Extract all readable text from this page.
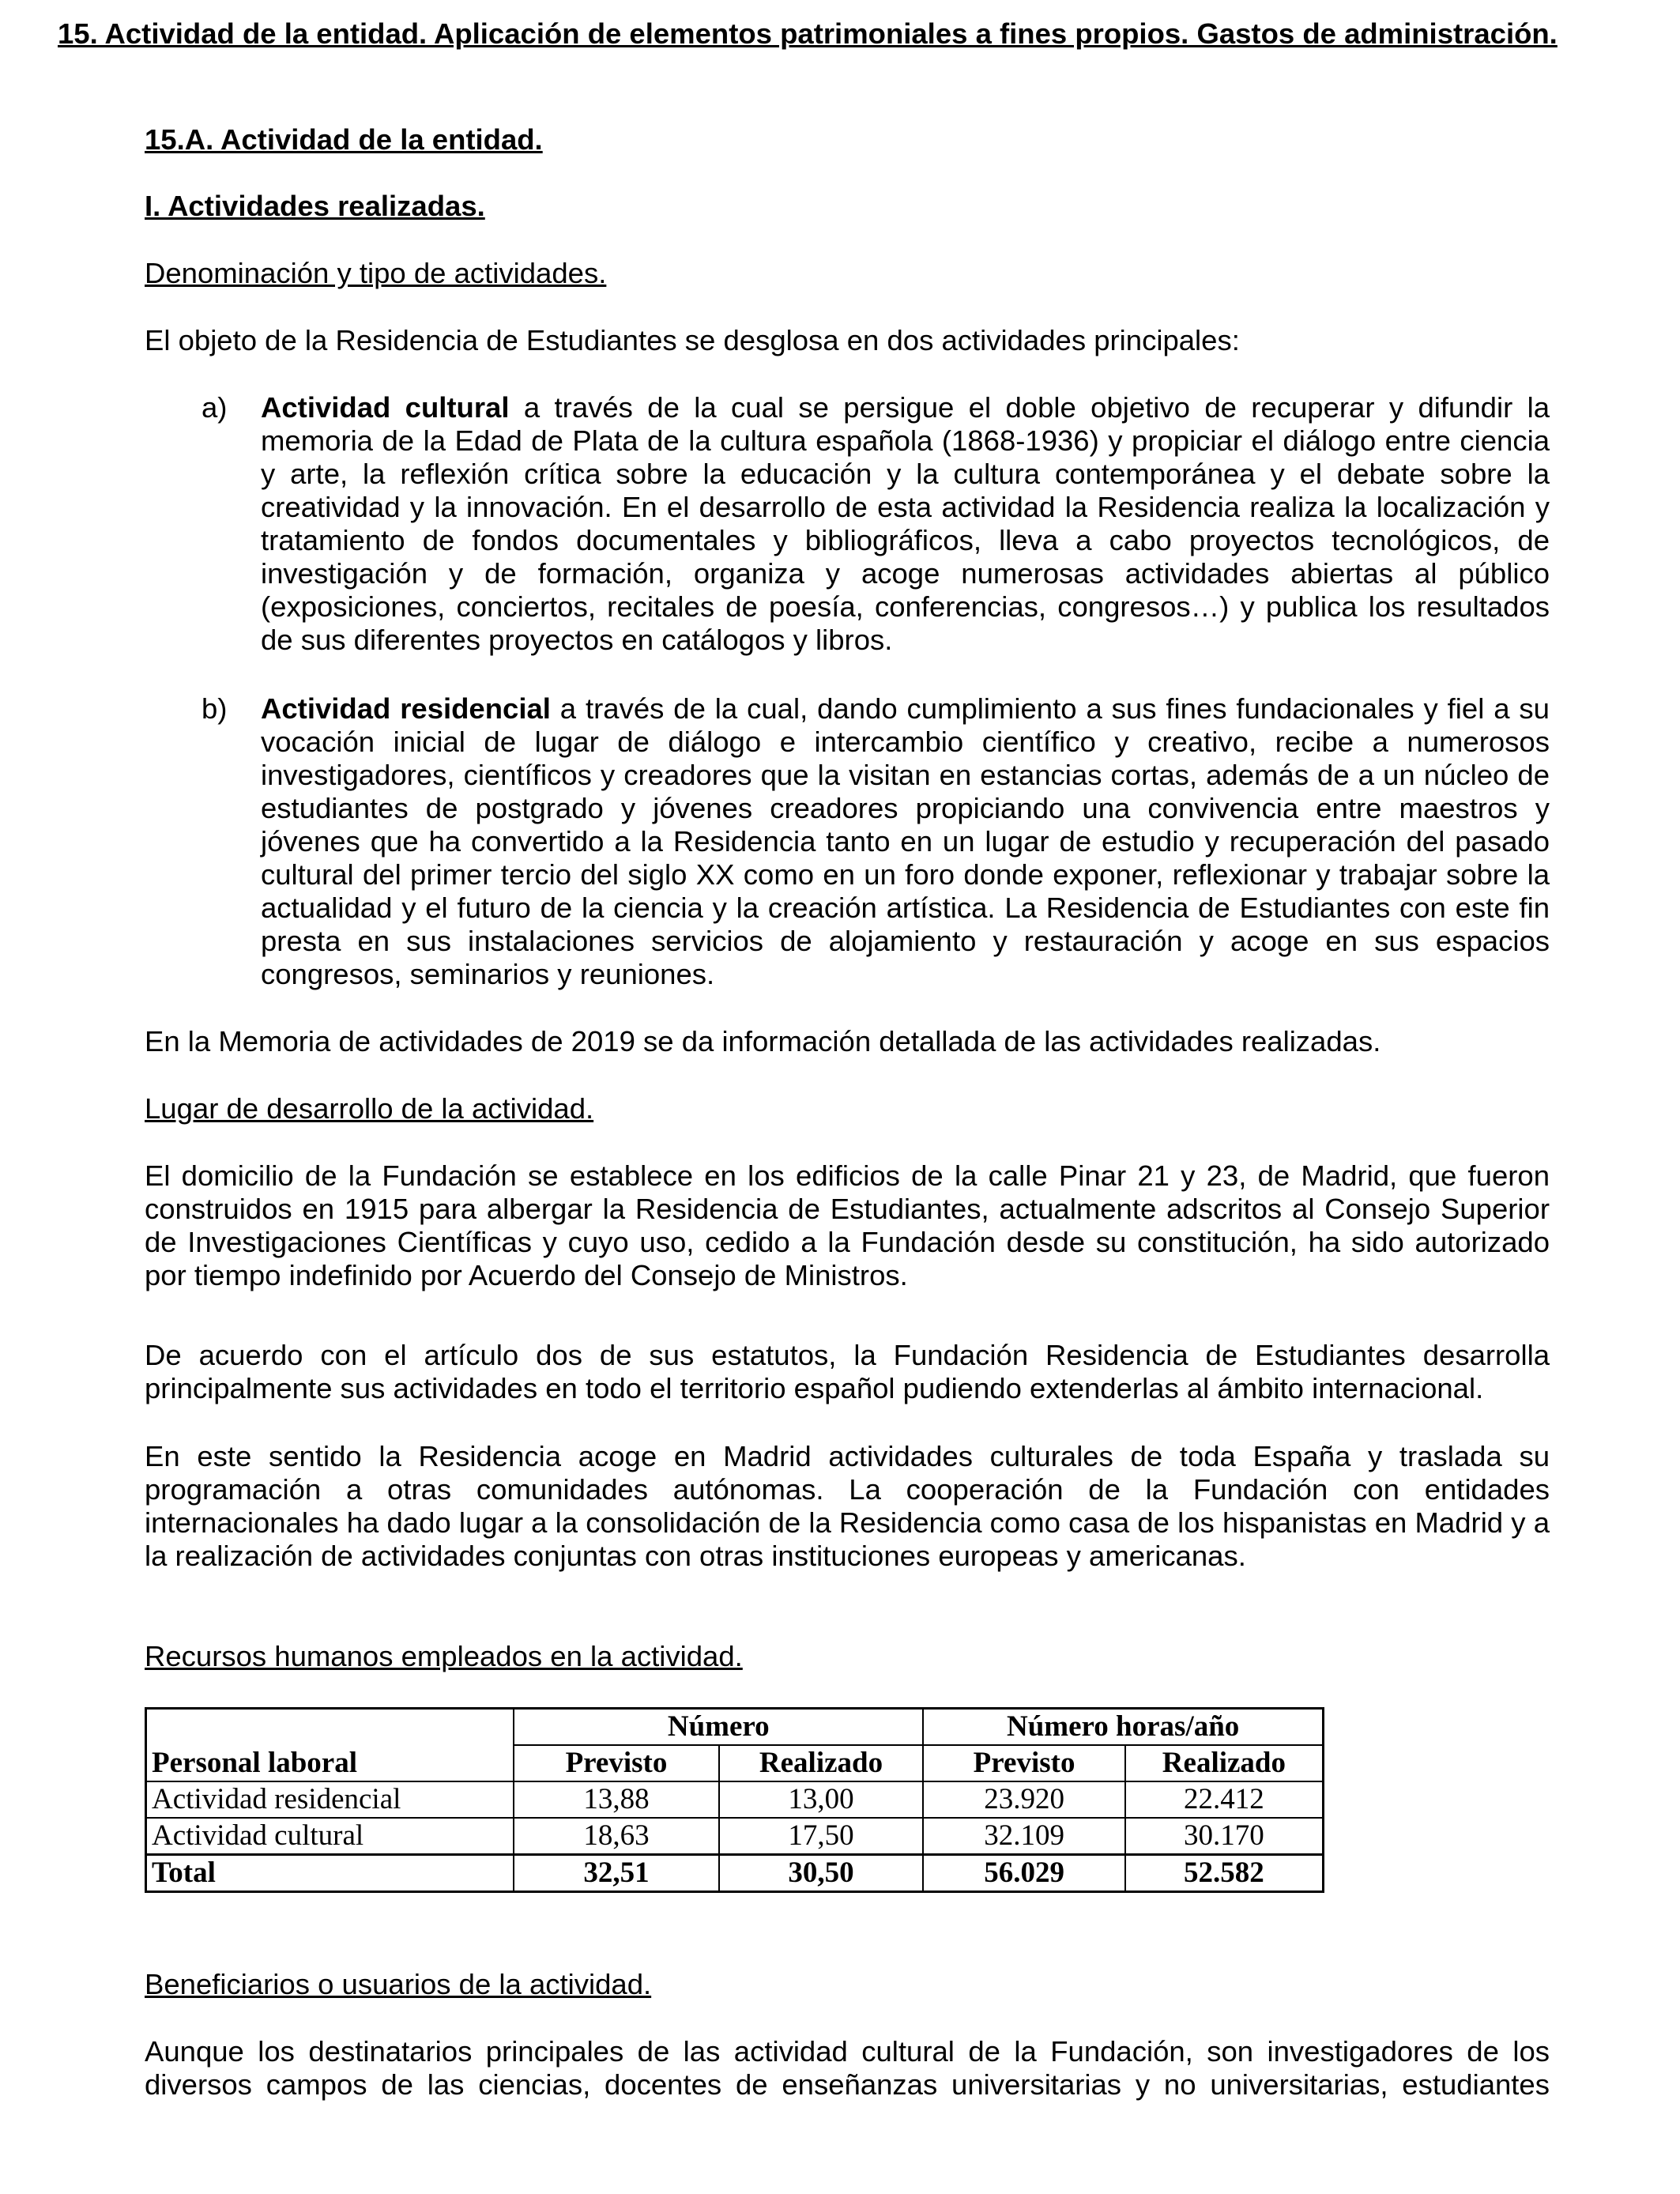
15. Actividad de la entidad. Aplicación de elementos patrimoniales a fines propios. Gastos de administración.
15.A. Actividad de la entidad.
I. Actividades realizadas.
Denominación y tipo de actividades.
El objeto de la Residencia de Estudiantes se desglosa en dos actividades principales:
a) Actividad cultural a través de la cual se persigue el doble objetivo de recuperar y difundir la memoria de la Edad de Plata de la cultura española (1868-1936) y propiciar el diálogo entre ciencia y arte, la reflexión crítica sobre la educación y la cultura contemporánea y el debate sobre la creatividad y la innovación. En el desarrollo de esta actividad la Residencia realiza la localización y tratamiento de fondos documentales y bibliográficos, lleva a cabo proyectos tecnológicos, de investigación y de formación, organiza y acoge numerosas actividades abiertas al público (exposiciones, conciertos, recitales de poesía, conferencias, congresos…) y publica los resultados de sus diferentes proyectos en catálogos y libros.
b) Actividad residencial a través de la cual, dando cumplimiento a sus fines fundacionales y fiel a su vocación inicial de lugar de diálogo e intercambio científico y creativo, recibe a numerosos investigadores, científicos y creadores que la visitan en estancias cortas, además de a un núcleo de estudiantes de postgrado y jóvenes creadores propiciando una convivencia entre maestros y jóvenes que ha convertido a la Residencia tanto en un lugar de estudio y recuperación del pasado cultural del primer tercio del siglo XX como en un foro donde exponer, reflexionar y trabajar sobre la actualidad y el futuro de la ciencia y la creación artística. La Residencia de Estudiantes con este fin presta en sus instalaciones servicios de alojamiento y restauración y acoge en sus espacios congresos, seminarios y reuniones.
En la Memoria de actividades de 2019 se da información detallada de las actividades realizadas.
Lugar de desarrollo de la actividad.
El domicilio de la Fundación se establece en los edificios de la calle Pinar 21 y 23, de Madrid, que fueron construidos en 1915 para albergar la Residencia de Estudiantes, actualmente adscritos al Consejo Superior de Investigaciones Científicas y cuyo uso, cedido a la Fundación desde su constitución, ha sido autorizado por tiempo indefinido por Acuerdo del Consejo de Ministros.
De acuerdo con el artículo dos de sus estatutos, la Fundación Residencia de Estudiantes desarrolla principalmente sus actividades en todo el territorio español pudiendo extenderlas al ámbito internacional.
En este sentido la Residencia acoge en Madrid actividades culturales de toda España y traslada su programación a otras comunidades autónomas. La cooperación de la Fundación con entidades internacionales ha dado lugar a la consolidación de la Residencia como casa de los hispanistas en Madrid y a la realización de actividades conjuntas con otras instituciones europeas y americanas.
Recursos humanos empleados en la actividad.
	Número		Número horas/año	
Personal laboral	Previsto	Realizado	Previsto	Realizado
Actividad residencial	13,88	13,00	23.920	22.412
Actividad cultural	18,63	17,50	32.109	30.170
Total	32,51	30,50	56.029	52.582
Beneficiarios o usuarios de la actividad.
Aunque los destinatarios principales de las actividad cultural de la Fundación, son investigadores de los diversos campos de las ciencias, docentes de enseñanzas universitarias y no universitarias, estudiantes
